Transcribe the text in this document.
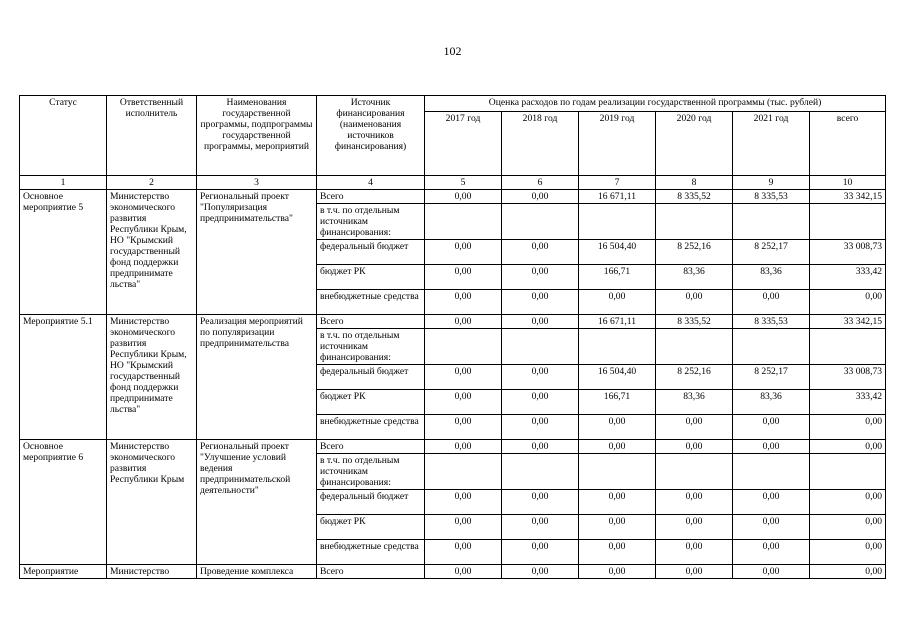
102
Статус	Ответственный исполнитель	Наименования государственной программы, подпрограммы государственной программы, мероприятий	Источник финансирования (наименования источников финансирования)	Оценка расходов по годам реализации государственной программы (тыс. рублей)					
				2017 год	2018 год	2019 год	2020 год	2021 год	всего
1	2	3	4	5	6	7	8	9	10
Основное мероприятие 5	Министерство экономического развития Республики Крым, НО "Крымский государственный фонд поддержки предпринимате льства"	Региональный проект "Популяризация предпринимательства"	Всего	0,00	0,00	16 671,11	8 335,52	8 335,53	33 342,15
			в т.ч. по отдельным источникам финансирования:						
			федеральный бюджет	0,00	0,00	16 504,40	8 252,16	8 252,17	33 008,73
			бюджет РК	0,00	0,00	166,71	83,36	83,36	333,42
			внебюджетные средства	0,00	0,00	0,00	0,00	0,00	0,00
Мероприятие 5.1	Министерство экономического развития Республики Крым, НО "Крымский государственный фонд поддержки предпринимате льства"	Реализация мероприятий по популяризации предпринимательства	Всего	0,00	0,00	16 671,11	8 335,52	8 335,53	33 342,15
			в т.ч. по отдельным источникам финансирования:						
			федеральный бюджет	0,00	0,00	16 504,40	8 252,16	8 252,17	33 008,73
			бюджет РК	0,00	0,00	166,71	83,36	83,36	333,42
			внебюджетные средства	0,00	0,00	0,00	0,00	0,00	0,00
Основное мероприятие 6	Министерство экономического развития Республики Крым	Региональный проект "Улучшение условий ведения предпринимательской деятельности"	Всего	0,00	0,00	0,00	0,00	0,00	0,00
			в т.ч. по отдельным источникам финансирования:						
			федеральный бюджет	0,00	0,00	0,00	0,00	0,00	0,00
			бюджет РК	0,00	0,00	0,00	0,00	0,00	0,00
			внебюджетные средства	0,00	0,00	0,00	0,00	0,00	0,00
Мероприятие	Министерство	Проведение комплекса	Всего	0,00	0,00	0,00	0,00	0,00	0,00
